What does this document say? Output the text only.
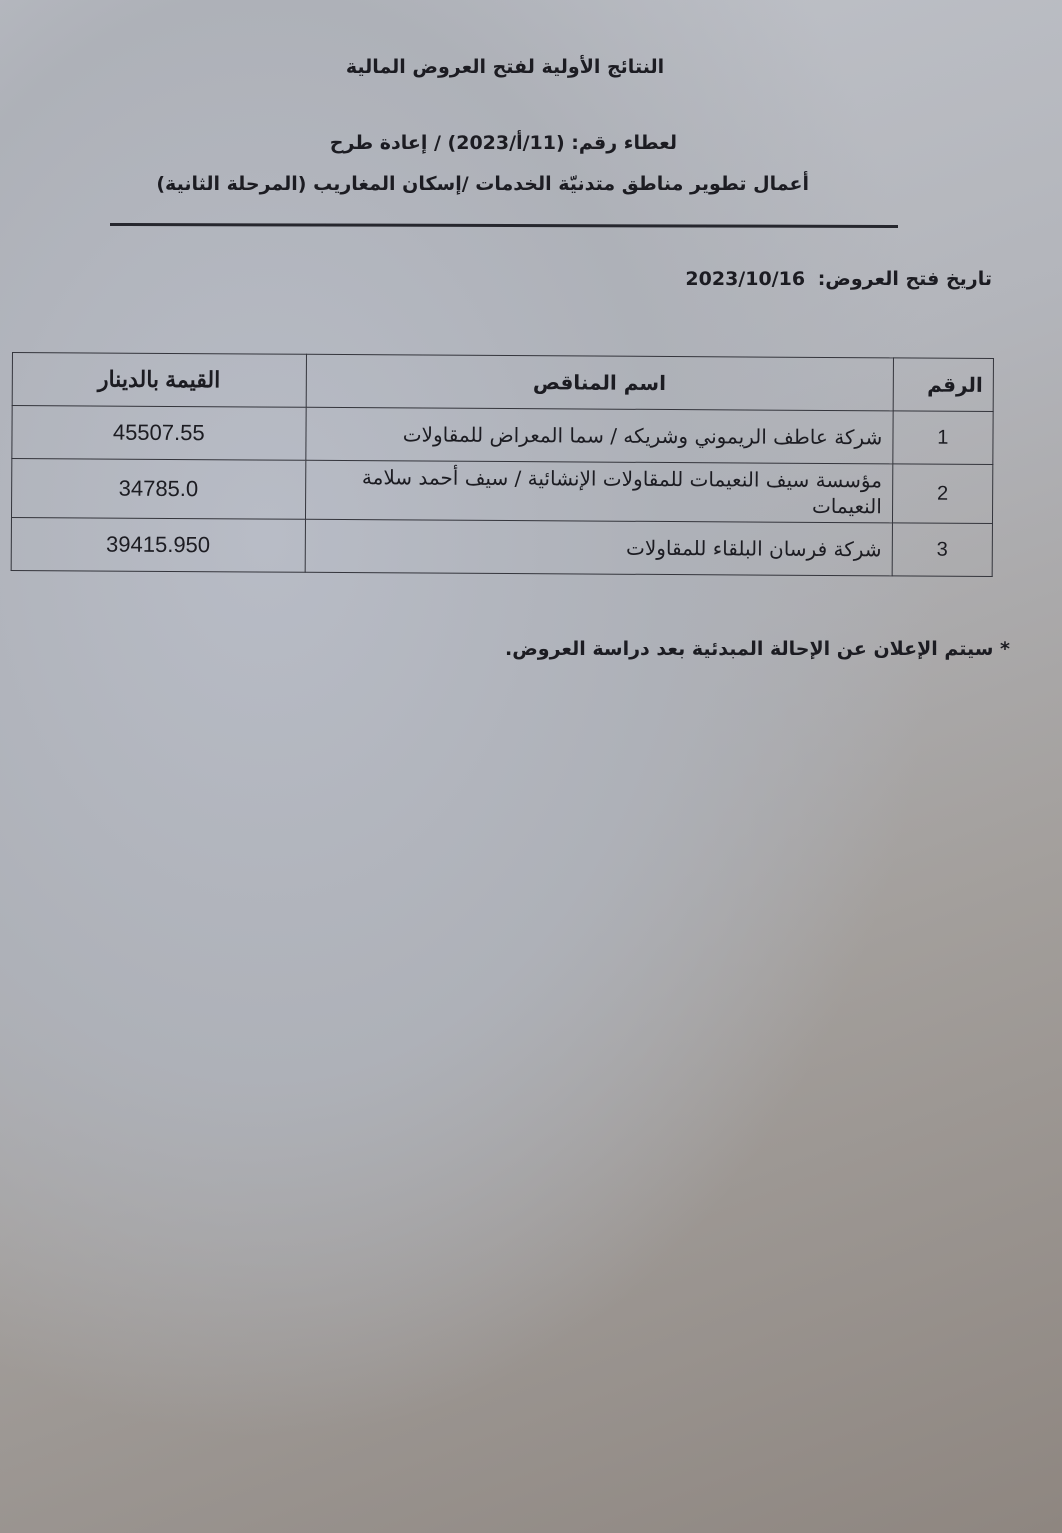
النتائج الأولية لفتح العروض المالية
لعطاء رقم: (11/أ/2023) / إعادة طرح
أعمال تطوير مناطق متدنيّة الخدمات /إسكان المغاريب (المرحلة الثانية)
تاريخ فتح العروض: 2023/10/16
الرقم	اسم المناقص	القيمة بالدينار
1	شركة عاطف الريموني وشريكه / سما المعراض للمقاولات	45507.55
2	مؤسسة سيف النعيمات للمقاولات الإنشائية / سيف أحمد سلامة النعيمات	34785.0
3	شركة فرسان البلقاء للمقاولات	39415.950
* سيتم الإعلان عن الإحالة المبدئية بعد دراسة العروض.
